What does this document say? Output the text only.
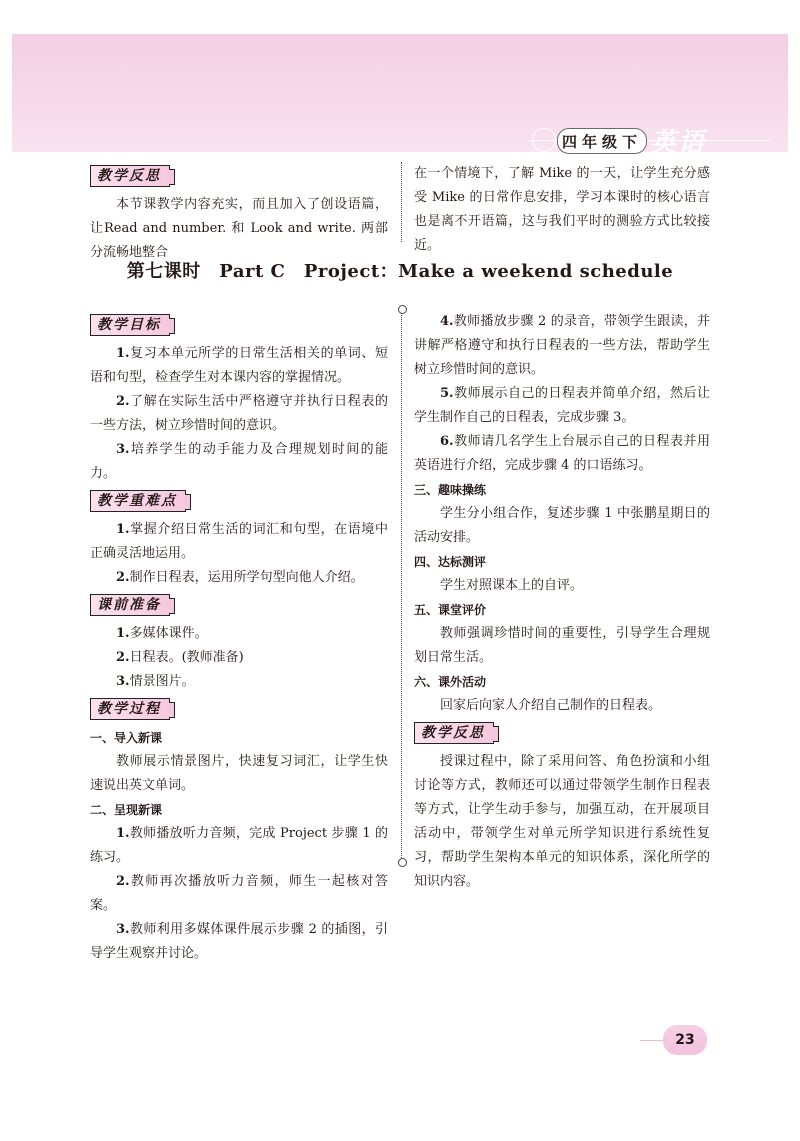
四年级下 英语
教学反思

本节课教学内容充实，而且加入了创设语篇，让Read and number. 和 Look and write. 两部分流畅地整合

在一个情境下，了解 Mike 的一天，让学生充分感受 Mike 的日常作息安排，学习本课时的核心语言也是离不开语篇，这与我们平时的测验方式比较接近。

第七课时　Part C　Project：Make a weekend schedule
教学目标

1.复习本单元所学的日常生活相关的单词、短语和句型，检查学生对本课内容的掌握情况。

2.了解在实际生活中严格遵守并执行日程表的一些方法，树立珍惜时间的意识。

3.培养学生的动手能力及合理规划时间的能力。

教学重难点

1.掌握介绍日常生活的词汇和句型，在语境中正确灵活地运用。

2.制作日程表，运用所学句型向他人介绍。

课前准备

1.多媒体课件。

2.日程表。(教师准备)

3.情景图片。

教学过程

一、导入新课

教师展示情景图片，快速复习词汇，让学生快速说出英文单词。

二、呈现新课

1.教师播放听力音频，完成 Project 步骤 1 的练习。

2.教师再次播放听力音频，师生一起核对答案。

3.教师利用多媒体课件展示步骤 2 的插图，引导学生观察并讨论。

4.教师播放步骤 2 的录音，带领学生跟读，并讲解严格遵守和执行日程表的一些方法，帮助学生树立珍惜时间的意识。

5.教师展示自己的日程表并简单介绍，然后让学生制作自己的日程表，完成步骤 3。

6.教师请几名学生上台展示自己的日程表并用英语进行介绍，完成步骤 4 的口语练习。

三、趣味操练

学生分小组合作，复述步骤 1 中张鹏星期日的活动安排。

四、达标测评

学生对照课本上的自评。

五、课堂评价

教师强调珍惜时间的重要性，引导学生合理规划日常生活。

六、课外活动

回家后向家人介绍自己制作的日程表。

教学反思

授课过程中，除了采用问答、角色扮演和小组讨论等方式，教师还可以通过带领学生制作日程表等方式，让学生动手参与，加强互动，在开展项目活动中，带领学生对单元所学知识进行系统性复习，帮助学生架构本单元的知识体系，深化所学的知识内容。

23
